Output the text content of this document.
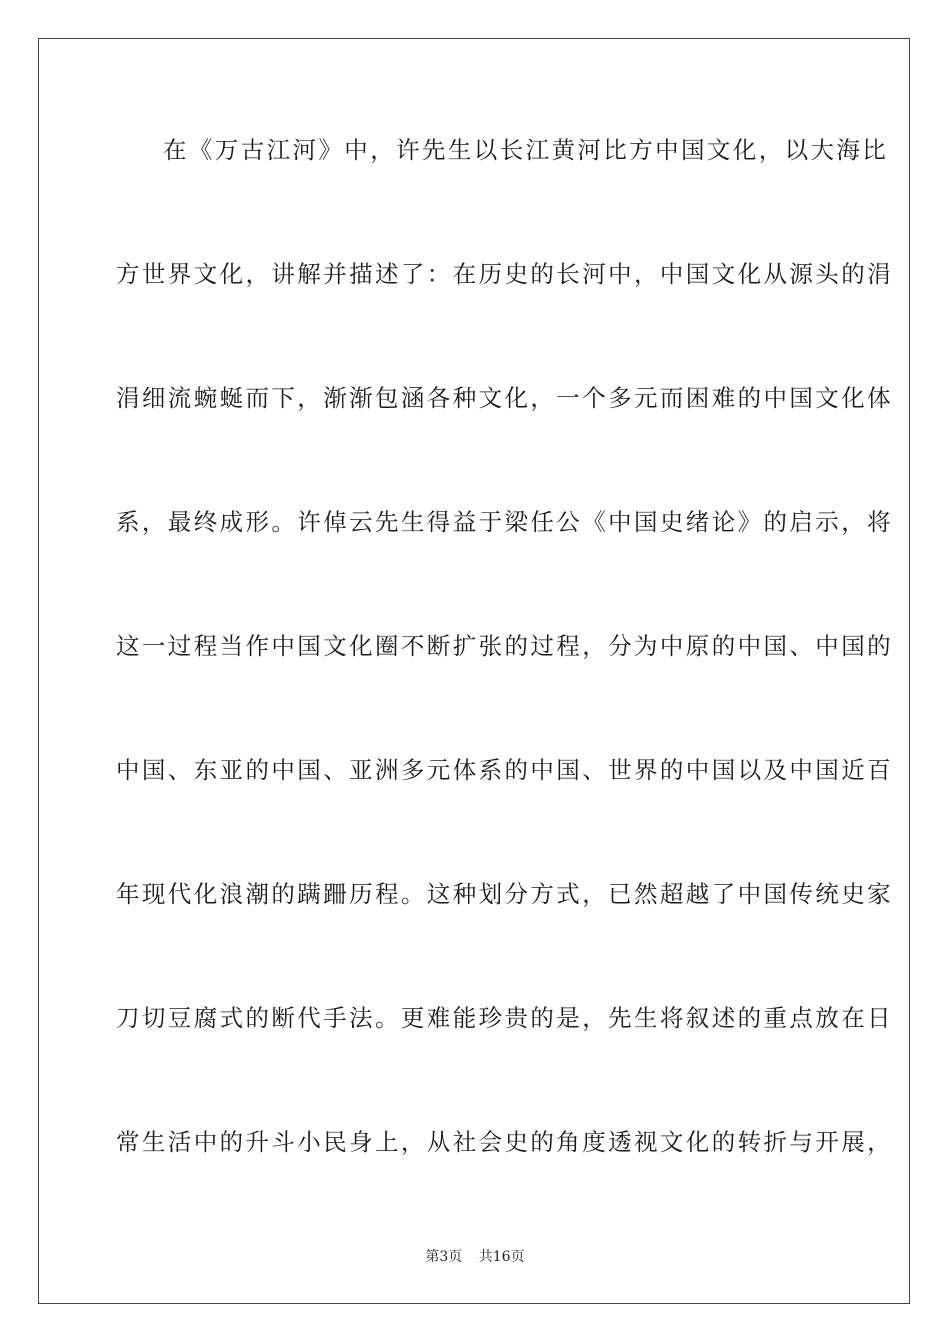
在《万古江河》中，许先生以长江黄河比方中国文化，以大海比
方世界文化，讲解并描述了：在历史的长河中，中国文化从源头的涓
涓细流蜿蜒而下，渐渐包涵各种文化，一个多元而困难的中国文化体
系，最终成形。许倬云先生得益于梁任公《中国史绪论》的启示，将
这一过程当作中国文化圈不断扩张的过程，分为中原的中国、中国的
中国、东亚的中国、亚洲多元体系的中国、世界的中国以及中国近百
年现代化浪潮的蹒跚历程。这种划分方式，已然超越了中国传统史家
刀切豆腐式的断代手法。更难能珍贵的是，先生将叙述的重点放在日
常生活中的升斗小民身上，从社会史的角度透视文化的转折与开展，
第3页 共16页
